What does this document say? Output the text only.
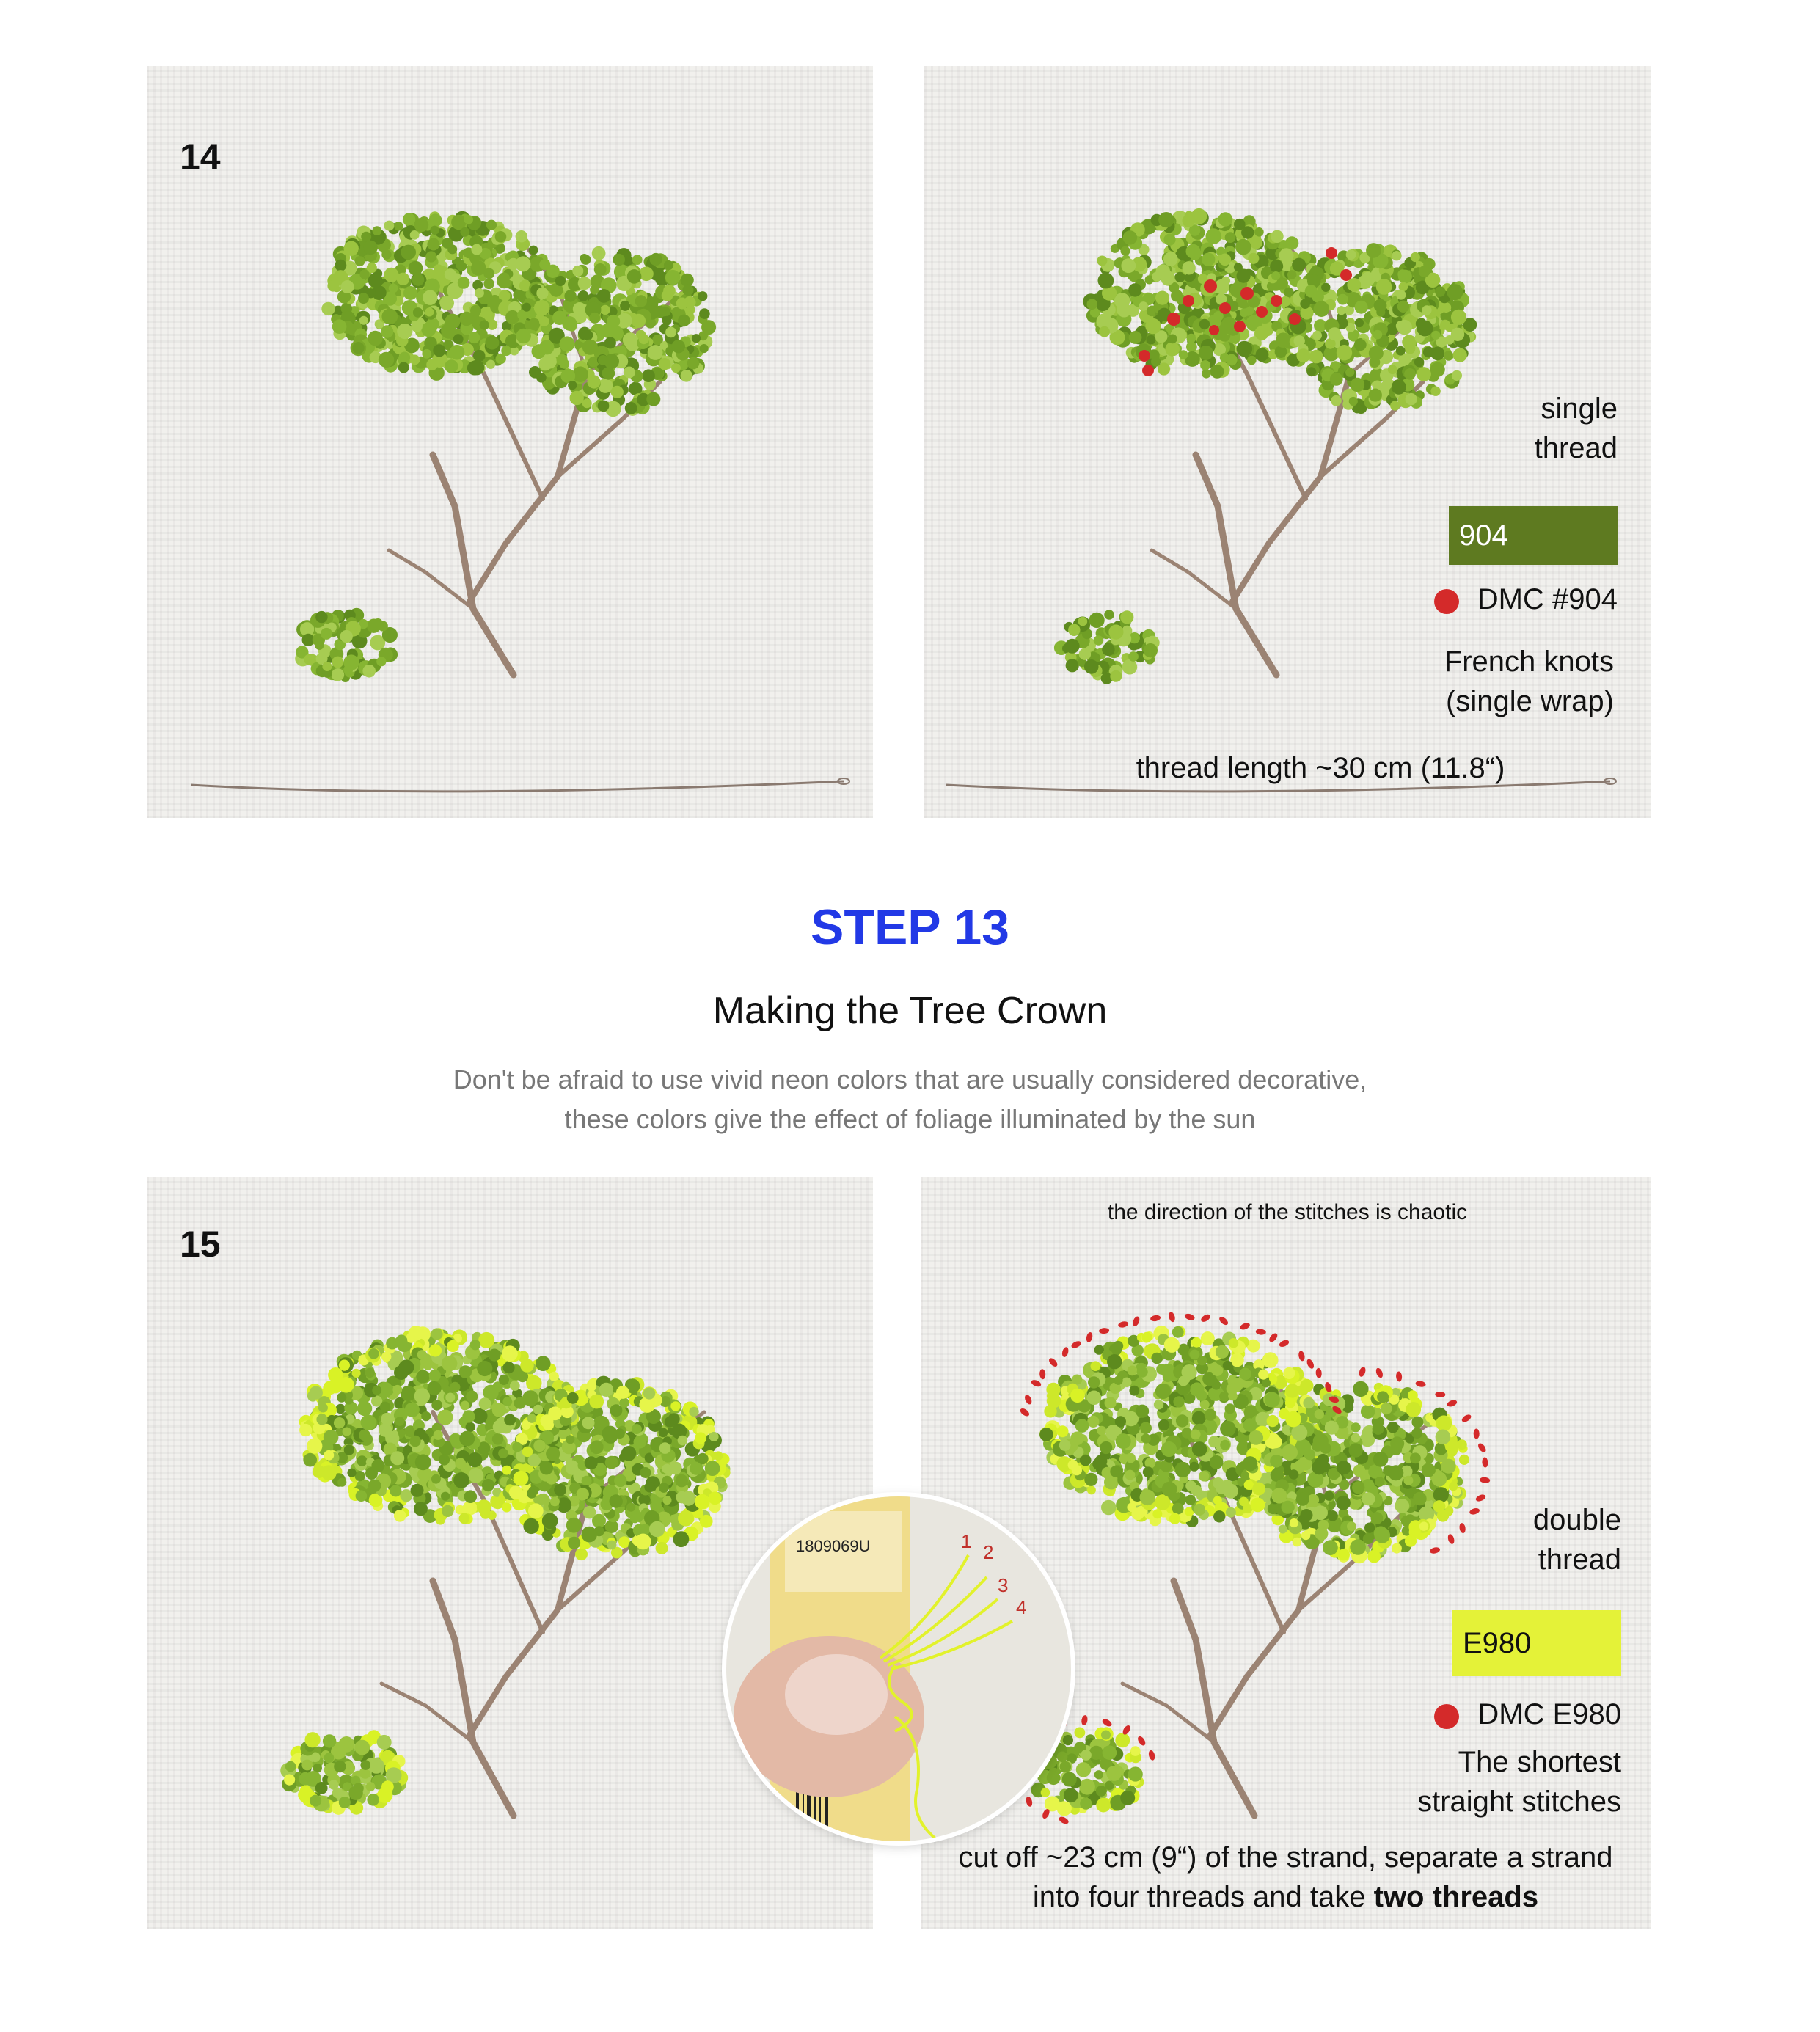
14
single
thread
904
DMC #904
French knots
(single wrap)
thread length ~30 cm (11.8“)
STEP 13
Making the Tree Crown
Don't be afraid to use vivid neon colors that are usually considered decorative,
these colors give the effect of foliage illuminated by the sun
15
the direction of the stitches is chaotic
double
thread
E980
DMC E980
The shortest
straight stitches
cut off ~23 cm (9“) of the strand, separate a strand
into four threads and take two threads
1809069U	1 2
3
4
